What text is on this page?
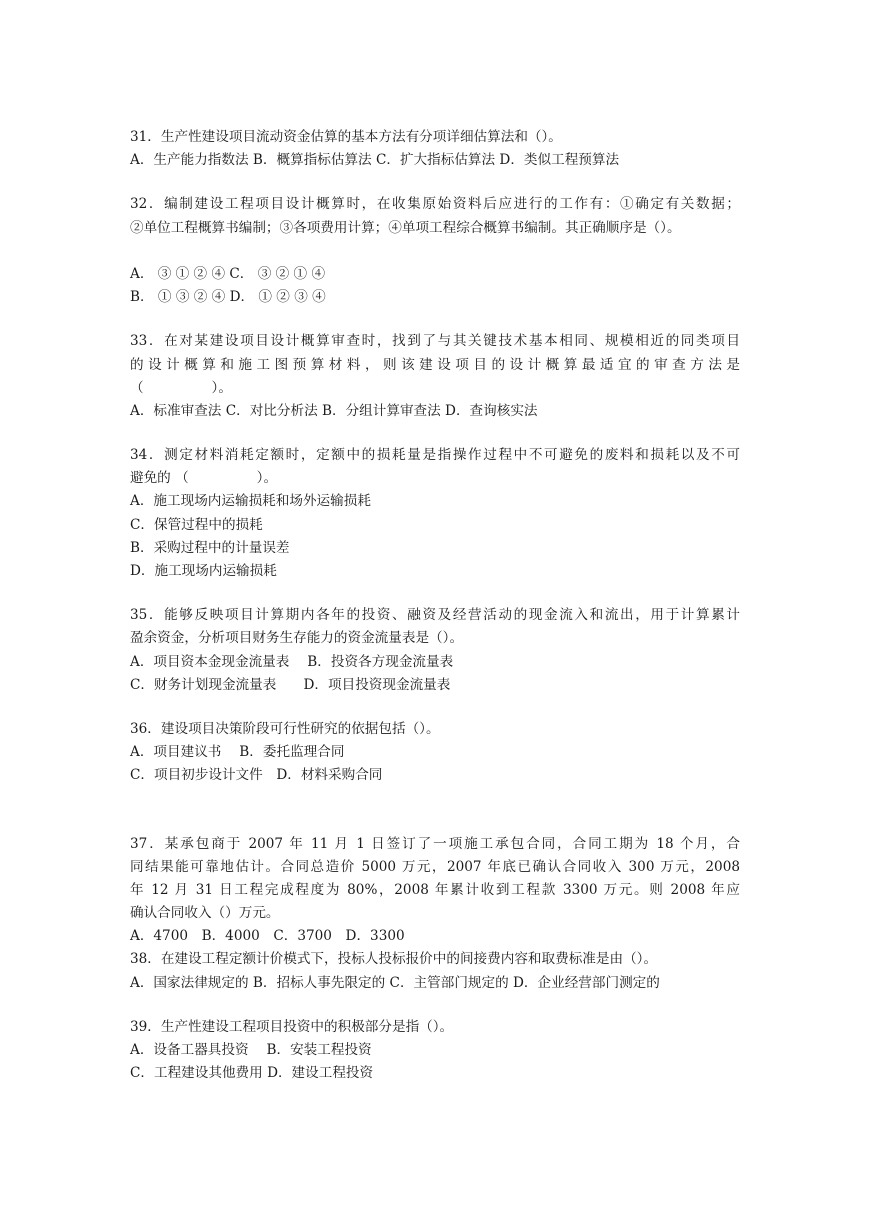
31．生产性建设项目流动资金估算的基本方法有分项详细估算法和（）。
A．生产能力指数法 B．概算指标估算法 C．扩大指标估算法 D．类似工程预算法
32．编制建设工程项目设计概算时，在收集原始资料后应进行的工作有：①确定有关数据；
②单位工程概算书编制；③各项费用计算；④单项工程综合概算书编制。其正确顺序是（）。
A． ③ ① ② ④ C． ③ ② ① ④
B． ① ③ ② ④ D． ① ② ③ ④
33．在对某建设项目设计概算审查时，找到了与其关键技术基本相同、规模相近的同类项目
的设计概算和施工图预算材料，则该建设项目的设计概算最适宜的审查方法是
（　　　　　）。
A．标准审查法 C．对比分析法 B．分组计算审查法 D．查询核实法
34．测定材料消耗定额时，定额中的损耗量是指操作过程中不可避免的废料和损耗以及不可
避免的 （　　　　　）。
A．施工现场内运输损耗和场外运输损耗
C．保管过程中的损耗
B．采购过程中的计量误差
D．施工现场内运输损耗
35．能够反映项目计算期内各年的投资、融资及经营活动的现金流入和流出，用于计算累计
盈余资金，分析项目财务生存能力的资金流量表是（）。
A．项目资本金现金流量表　 B．投资各方现金流量表
C．财务计划现金流量表　　D．项目投资现金流量表
36．建设项目决策阶段可行性研究的依据包括（）。
A．项目建议书　 B．委托监理合同
C．项目初步设计文件　D．材料采购合同
37．某承包商于 2007 年 11 月 1 日签订了一项施工承包合同，合同工期为 18 个月，合
同结果能可靠地估计。合同总造价 5000 万元，2007 年底已确认合同收入 300 万元，2008
年 12 月 31 日工程完成程度为 80%，2008 年累计收到工程款 3300 万元。则 2008 年应
确认合同收入（）万元。
A．4700　B．4000　C．3700　D．3300
38．在建设工程定额计价模式下，投标人投标报价中的间接费内容和取费标准是由（）。
A．国家法律规定的 B．招标人事先限定的 C．主管部门规定的 D．企业经营部门测定的
39．生产性建设工程项目投资中的积极部分是指（）。
A．设备工器具投资　 B．安装工程投资
C．工程建设其他费用 D．建设工程投资
